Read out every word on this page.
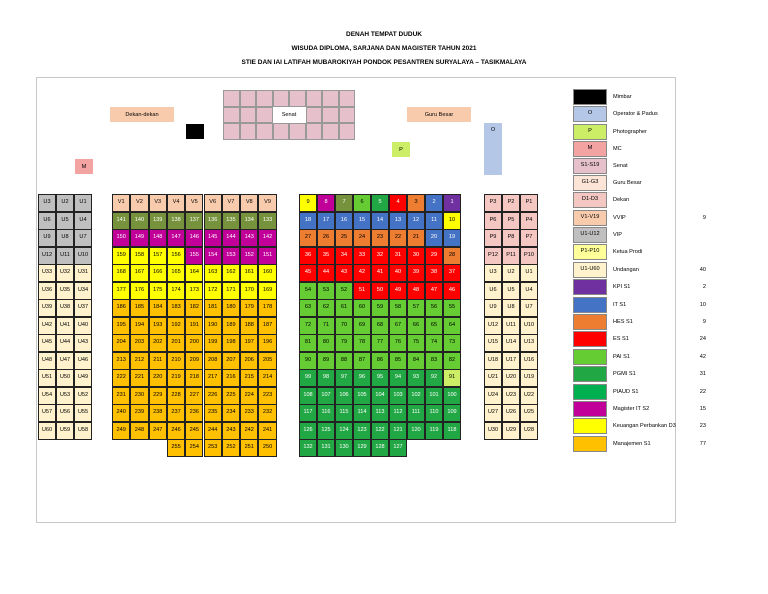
DENAH TEMPAT DUDUK
WISUDA DIPLOMA, SARJANA DAN MAGISTER TAHUN 2021
STIE DAN IAI LATIFAH MUBAROKIYAH PONDOK PESANTREN SURYALAYA – TASIKMALAYA
Dekan-dekan	Senat	Guru Besar
O
P
M
U3	U2	U1
U6	U5	U4
U9	U8	U7
U12	U11	U10
U33	U32	U31
U36	U35	U34
U39	U38	U37
U42	U41	U40
U45	U44	U43
U48	U47	U46
U51	U50	U49
U54	U53	U52
U57	U56	U55
U60	U59	U58
P3	P2	P1
P6	P5	P4
P9	P8	P7
P12	P11	P10
U3	U2	U1
U6	U5	U4
U9	U8	U7
U12	U11	U10
U15	U14	U13
U18	U17	U16
U21	U20	U19
U24	U23	U22
U27	U26	U25
U30	U29	U28
V1	V2	V3	V4	V5	V6	V7	V8	V9
141	140	139	138	137	136	135	134	133
150	149	148	147	146	145	144	143	142
159	158	157	156	155	154	153	152	151
168	167	166	165	164	163	162	161	160
177	176	175	174	173	172	171	170	169
186	185	184	183	182	181	180	179	178
195	194	193	192	191	190	189	188	187
204	203	202	201	200	199	198	197	196
213	212	211	210	209	208	207	206	205
222	221	220	219	218	217	216	215	214
231	230	229	228	227	226	225	224	223
240	239	238	237	236	235	234	233	232
249	248	247	246	245	244	243	242	241
255	254	253	252	251	250
9	8	7	6	5	4	3	2	1
18	17	16	15	14	13	12	11	10
27	26	25	24	23	22	21	20	19
36	35	34	33	32	31	30	29	28
45	44	43	42	41	40	39	38	37
54	53	52	51	50	49	48	47	46
63	62	61	60	59	58	57	56	55
72	71	70	69	68	67	66	65	64
81	80	79	78	77	76	75	74	73
90	89	88	87	86	85	84	83	82
99	98	97	96	95	94	93	92	91
108	107	106	105	104	103	102	101	100
117	116	115	114	113	112	111	110	109
126	125	124	123	122	121	120	119	118
132	131	130	129	128	127
Mimbar
O	Operator & Padus
P	Photographer
M	MC
S1-S19	Senat
G1-G3	Guru Besar
D1-D3	Dekan
V1-V19	VVIP	9
U1-U12	VIP
P1-P10	Ketua Prodi
U1-U60	Undangan	40
KPI S1	2
IT S1	10
HES S1	9
ES S1	24
PAI S1	42
PGMI S1	31
PIAUD S1	22
Magister IT S2	15
Keuangan Perbankan D3	23
Manajemen S1	77
